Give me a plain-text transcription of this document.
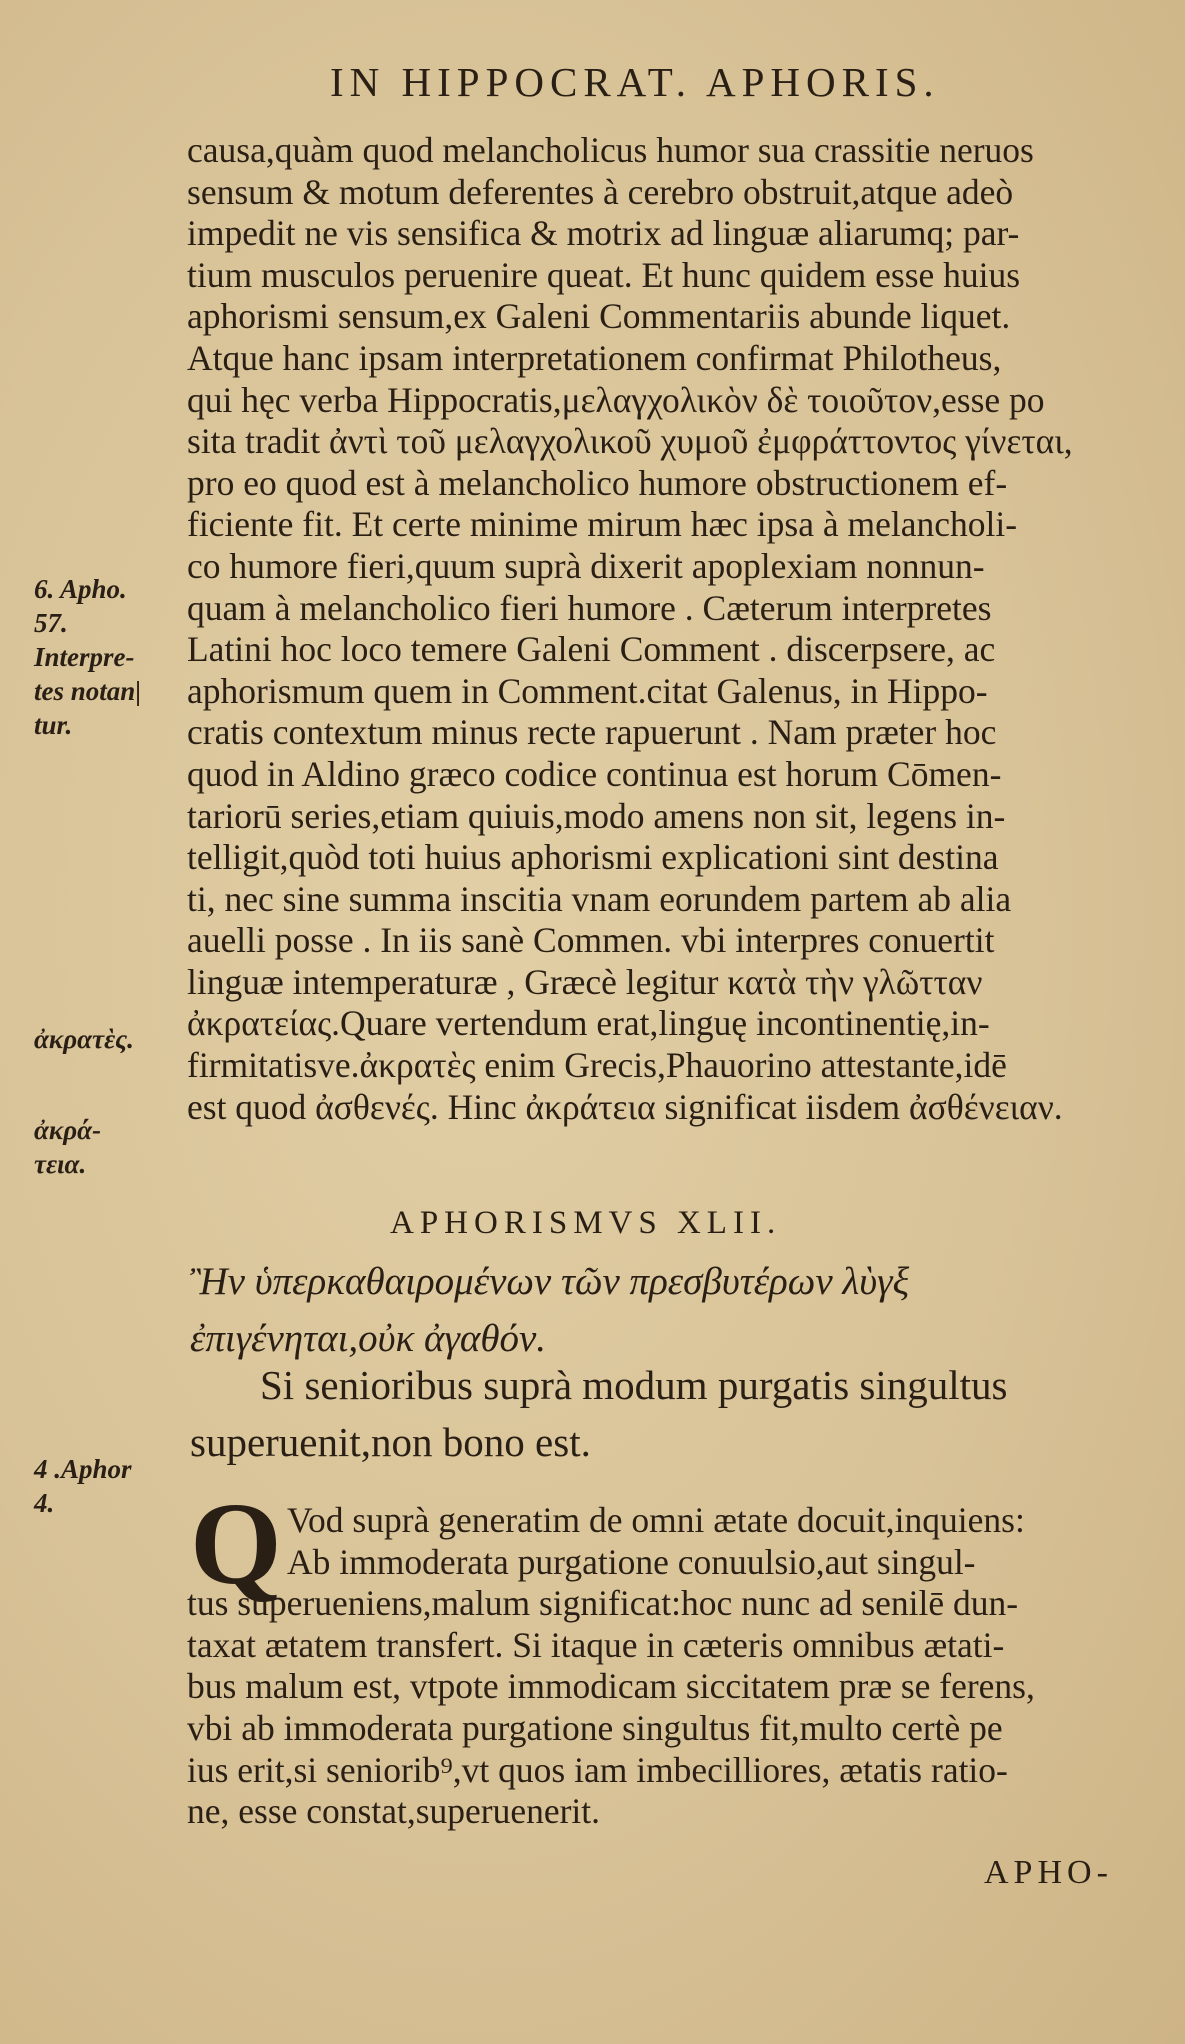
IN HIPPOCRAT. APHORIS.
causa,quàm quod melancholicus humor sua crassitie neruos
sensum & motum deferentes à cerebro obstruit,atque adeò
impedit ne vis sensifica & motrix ad linguæ aliarumq; par-
tium musculos peruenire queat. Et hunc quidem esse huius
aphorismi sensum,ex Galeni Commentariis abunde liquet.
Atque hanc ipsam interpretationem confirmat Philotheus,
qui hęc verba Hippocratis,μελαγχολικὸν δὲ τοιοῦτον,esse po
sita tradit ἀντὶ τοῦ μελαγχολικοῦ χυμοῦ ἐμφράττοντος γίνεται,
pro eo quod est à melancholico humore obstructionem ef-
ficiente fit. Et certe minime mirum hæc ipsa à melancholi-
co humore fieri,quum suprà dixerit apoplexiam nonnun-
quam à melancholico fieri humore . Cæterum interpretes
Latini hoc loco temere Galeni Comment . discerpsere, ac
aphorismum quem in Comment.citat Galenus, in Hippo-
cratis contextum minus recte rapuerunt . Nam præter hoc
quod in Aldino græco codice continua est horum Cōmen-
tariorū series,etiam quiuis,modo amens non sit, legens in-
telligit,quòd toti huius aphorismi explicationi sint destina
ti, nec sine summa inscitia vnam eorundem partem ab alia
auelli posse . In iis sanè Commen. vbi interpres conuertit
linguæ intemperaturæ , Græcè legitur κατὰ τὴν γλῶτταν
ἀκρατείας.Quare vertendum erat,linguę incontinentię,in-
firmitatisve.ἀκρατὲς enim Grecis,Phauorino attestante,idē
est quod ἀσθενές. Hinc ἀκράτεια significat iisdem ἀσθένειαν.
6. Apho.
57.
Interpre-
tes notan|
tur.
ἀκρατὲς.
ἀκρά-
τεια.
4 .Aphor
4.
APHORISMVS XLII.
Ἢν ὑπερκαθαιρομένων τῶν πρεσβυτέρων λὺγξ
ἐπιγένηται,οὐκ ἀγαθόν.
Si senioribus suprà modum purgatis singultus
superuenit,non bono est.
Q Vod suprà generatim de omni ætate docuit,inquiens:
Ab immoderata purgatione conuulsio,aut singul-
tus superueniens,malum significat:hoc nunc ad senilē dun-
taxat ætatem transfert. Si itaque in cæteris omnibus ætati-
bus malum est, vtpote immodicam siccitatem præ se ferens,
vbi ab immoderata purgatione singultus fit,multo certè pe
ius erit,si seniorib⁹,vt quos iam imbecilliores, ætatis ratio-
ne, esse constat,superuenerit.
APHO-
